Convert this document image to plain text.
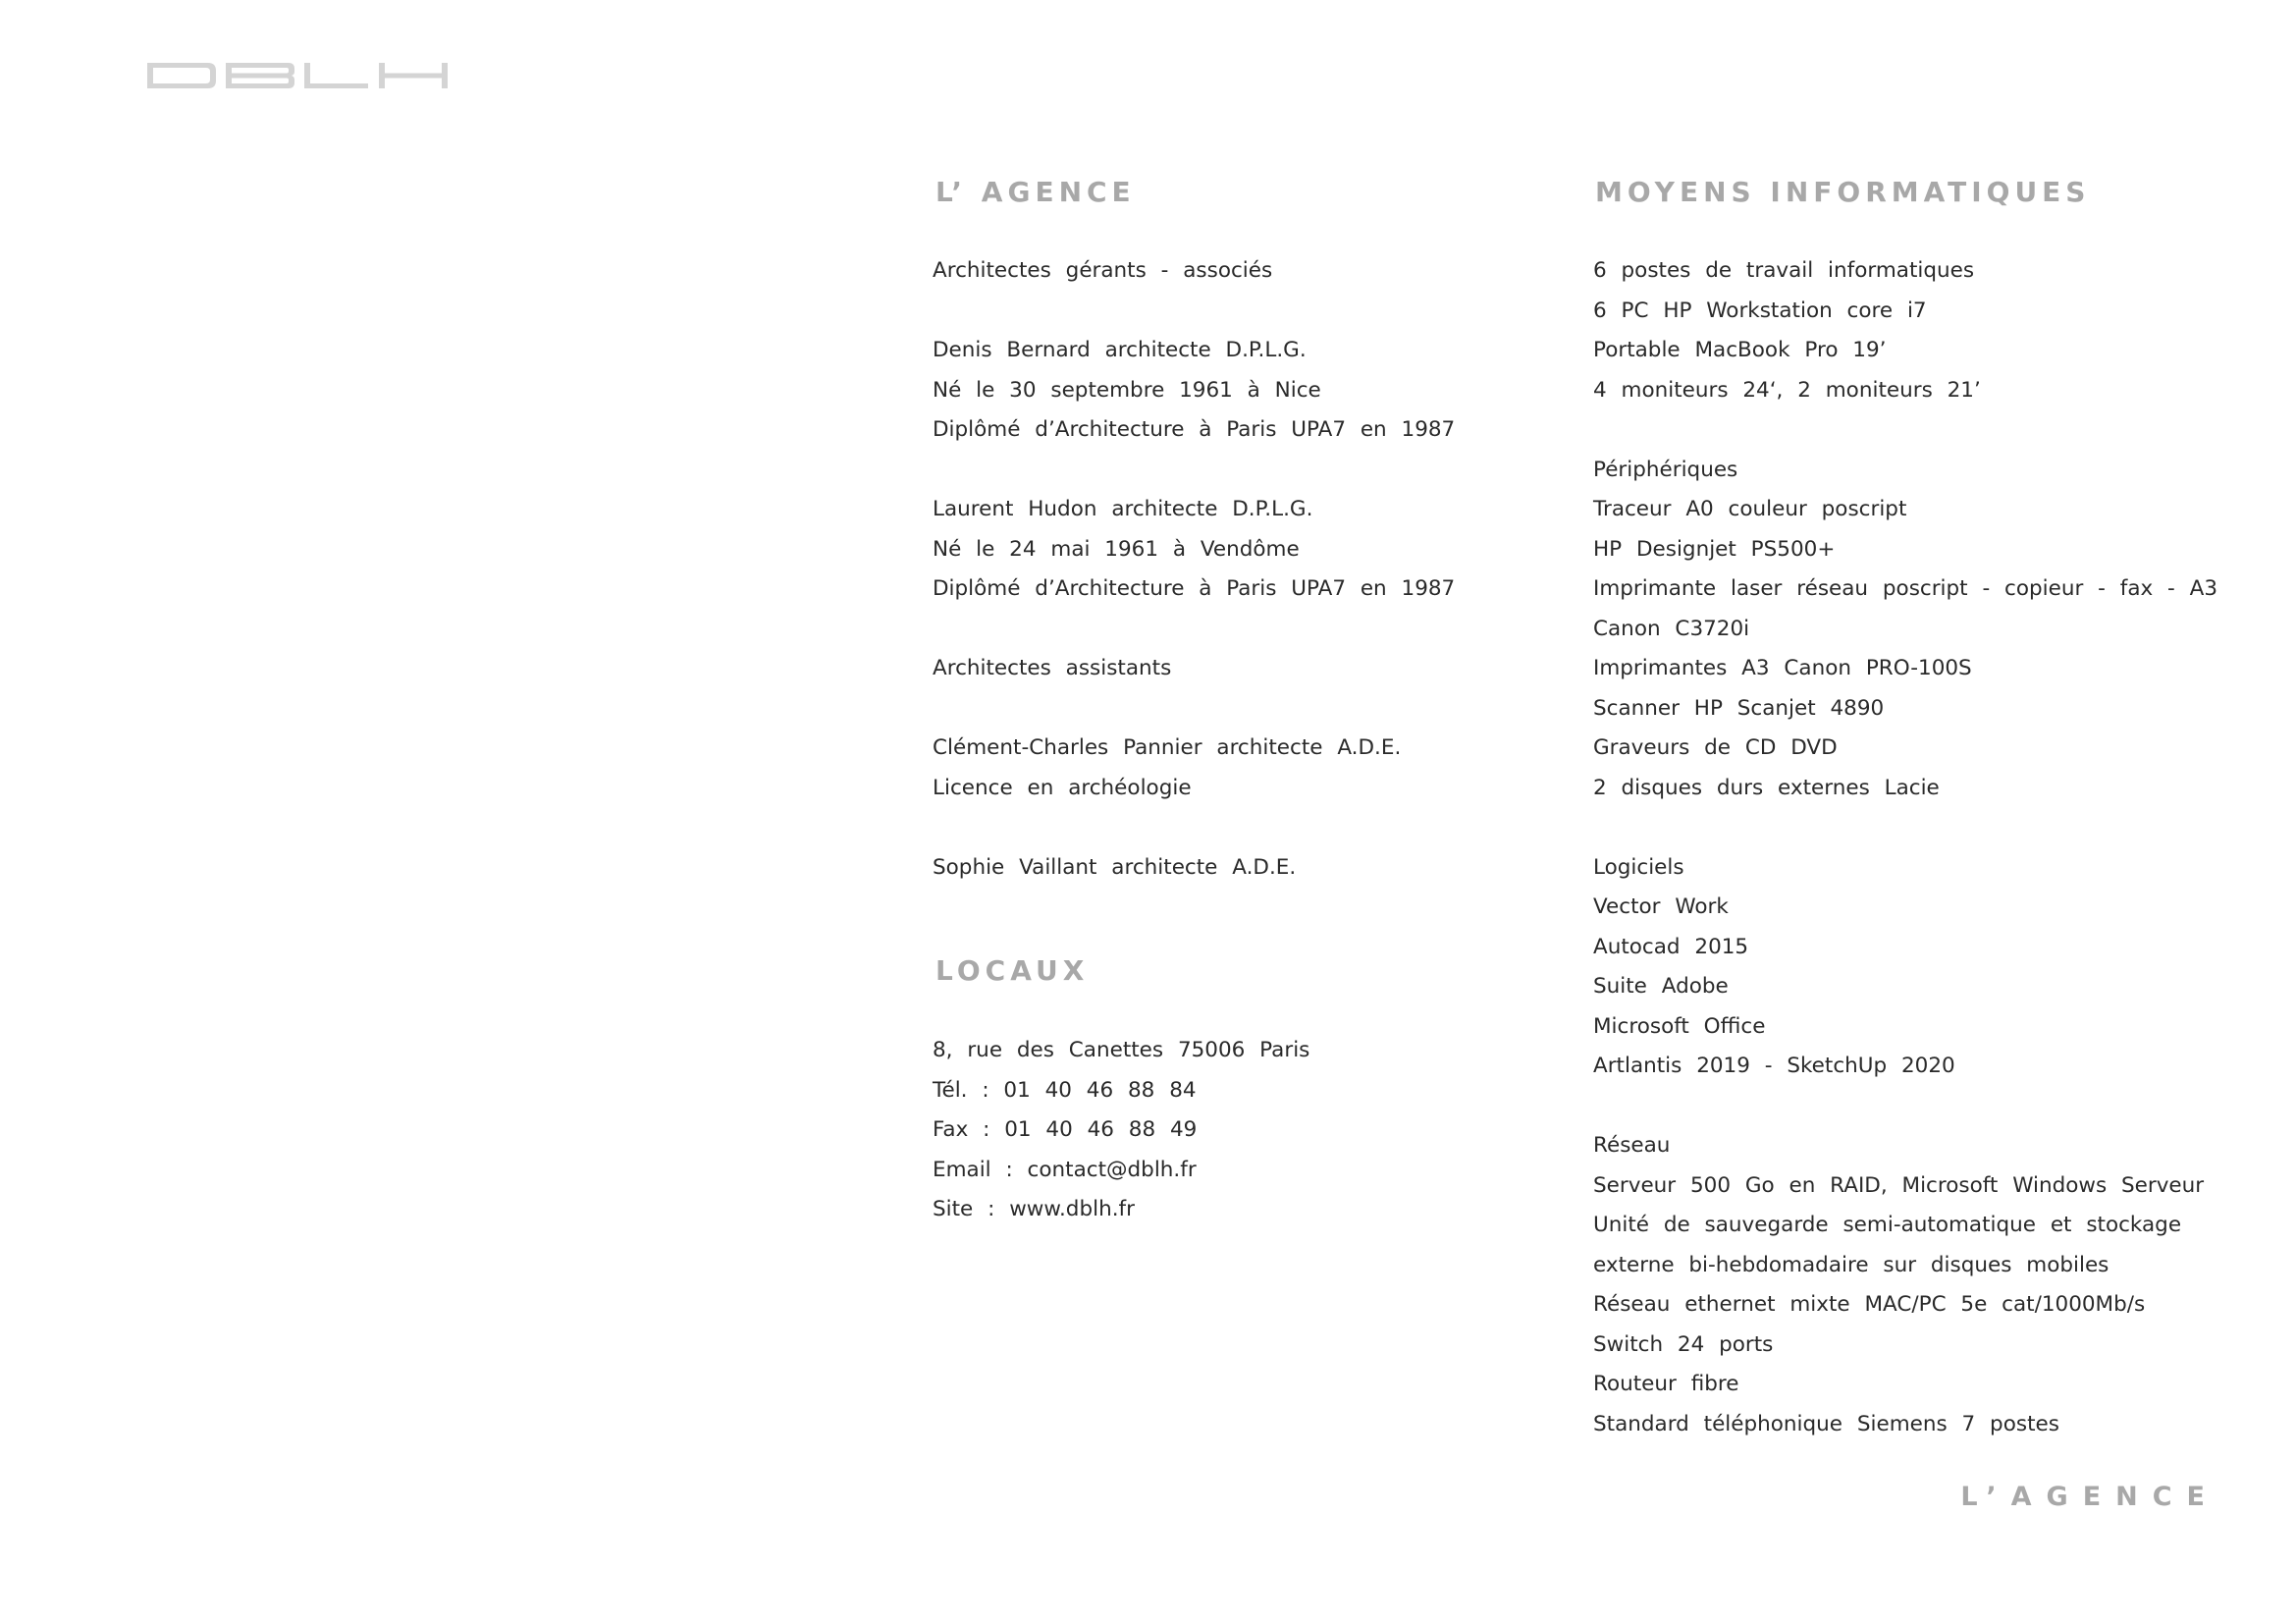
L’ AGENCE
Architectes gérants - associés
Denis Bernard architecte D.P.L.G.
Né le 30 septembre 1961 à Nice
Diplômé d’Architecture à Paris UPA7 en 1987
Laurent Hudon architecte D.P.L.G.
Né le 24 mai 1961 à Vendôme
Diplômé d’Architecture à Paris UPA7 en 1987
Architectes assistants
Clément-Charles Pannier architecte A.D.E.
Licence en archéologie
Sophie Vaillant architecte A.D.E.
LOCAUX
8, rue des Canettes 75006 Paris
Tél. : 01 40 46 88 84
Fax : 01 40 46 88 49
Email : contact@dblh.fr
Site : www.dblh.fr
MOYENS INFORMATIQUES
6 postes de travail informatiques
6 PC HP Workstation core i7
Portable MacBook Pro 19’
4 moniteurs 24‘, 2 moniteurs 21’
Périphériques
Traceur A0 couleur poscript
HP Designjet PS500+
Imprimante laser réseau poscript - copieur - fax - A3
Canon C3720i
Imprimantes A3 Canon PRO-100S
Scanner HP Scanjet 4890
Graveurs de CD DVD
2 disques durs externes Lacie
Logiciels
Vector Work
Autocad 2015
Suite Adobe
Microsoft Office
Artlantis 2019 - SketchUp 2020
Réseau
Serveur 500 Go en RAID, Microsoft Windows Serveur
Unité de sauvegarde semi-automatique et stockage
externe bi-hebdomadaire sur disques mobiles
Réseau ethernet mixte MAC/PC 5e cat/1000Mb/s
Switch 24 ports
Routeur fibre
Standard téléphonique Siemens 7 postes
L’AGENCE
